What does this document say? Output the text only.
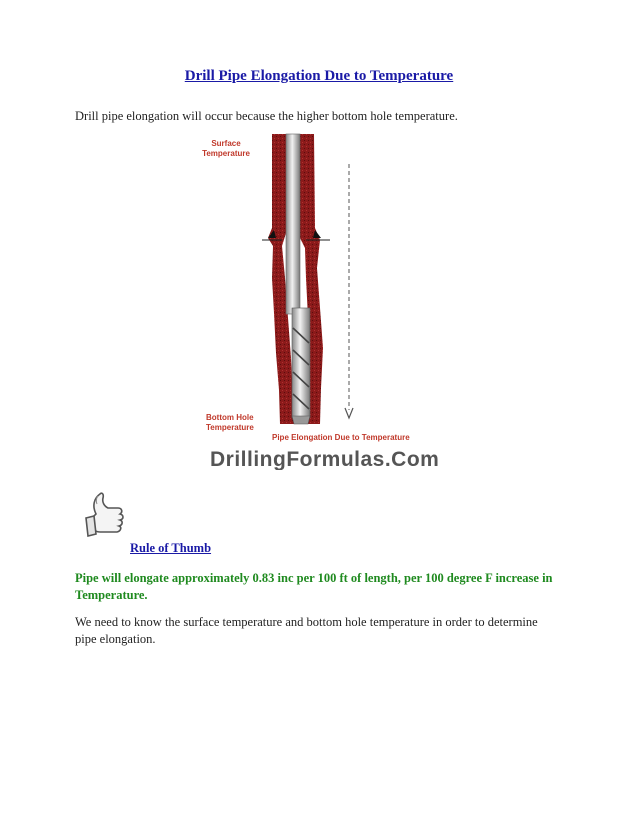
Drill Pipe Elongation Due to Temperature
Drill pipe elongation will occur because the higher bottom hole temperature.
Surface
Temperature
Bottom Hole
Temperature
Pipe Elongation Due to Temperature
DrillingFormulas.Com
Rule of Thumb
Pipe will elongate approximately 0.83 inc per 100 ft of length, per 100 degree F increase in Temperature.
We need to know the surface temperature and bottom hole temperature in order to determine pipe elongation.
